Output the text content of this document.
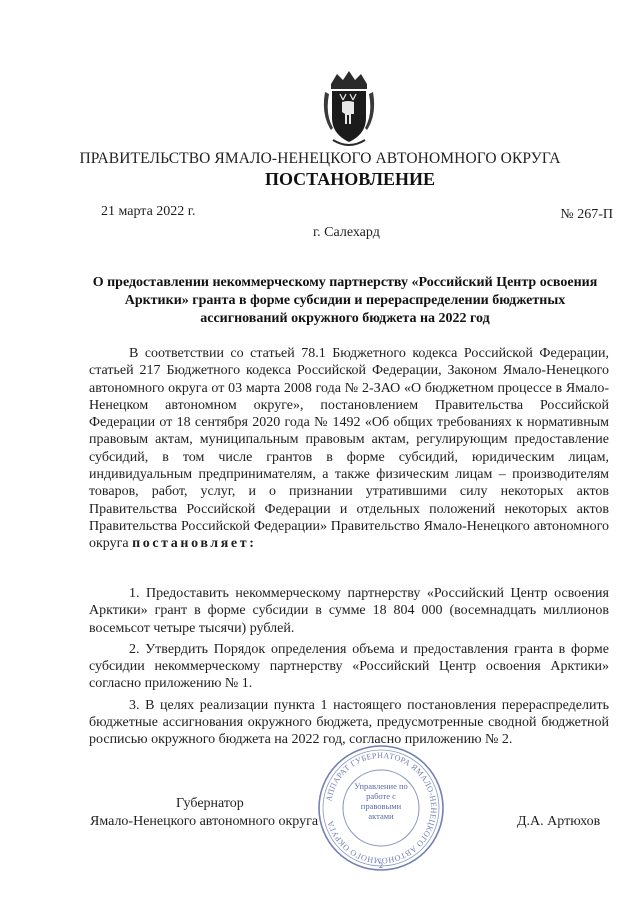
ПРАВИТЕЛЬСТВО ЯМАЛО-НЕНЕЦКОГО АВТОНОМНОГО ОКРУГА
ПОСТАНОВЛЕНИЕ
21 марта 2022 г.	№ 267-П
г. Салехард
О предоставлении некоммерческому партнерству «Российский Центр освоения Арктики» гранта в форме субсидии и перераспределении бюджетных ассигнований окружного бюджета на 2022 год

В соответствии со статьей 78.1 Бюджетного кодекса Российской Федерации, статьей 217 Бюджетного кодекса Российской Федерации, Законом Ямало-Ненецкого автономного округа от 03 марта 2008 года № 2-ЗАО «О бюджетном процессе в Ямало-Ненецком автономном округе», постановлением Правительства Российской Федерации от 18 сентября 2020 года № 1492 «Об общих требованиях к нормативным правовым актам, муниципальным правовым актам, регулирующим предоставление субсидий, в том числе грантов в форме субсидий, юридическим лицам, индивидуальным предпринимателям, а также физическим лицам – производителям товаров, работ, услуг, и о признании утратившими силу некоторых актов Правительства Российской Федерации и отдельных положений некоторых актов Правительства Российской Федерации» Правительство Ямало-Ненецкого автономного округа постановляет:

1. Предоставить некоммерческому партнерству «Российский Центр освоения Арктики» грант в форме субсидии в сумме 18 804 000 (восемнадцать миллионов восемьсот четыре тысячи) рублей.

2. Утвердить Порядок определения объема и предоставления гранта в форме субсидии некоммерческому партнерству «Российский Центр освоения Арктики» согласно приложению № 1.

3. В целях реализации пункта 1 настоящего постановления перераспределить бюджетные ассигнования окружного бюджета, предусмотренные сводной бюджетной росписью окружного бюджета на 2022 год, согласно приложению № 2.

Губернатор
Ямало-Ненецкого автономного округа	Д.А. Артюхов
АППАРАТ ГУБЕРНАТОРА ЯМАЛО-НЕНЕЦКОГО АВТОНОМНОГО ОКРУГА
2
Управление по работе с правовыми актами
